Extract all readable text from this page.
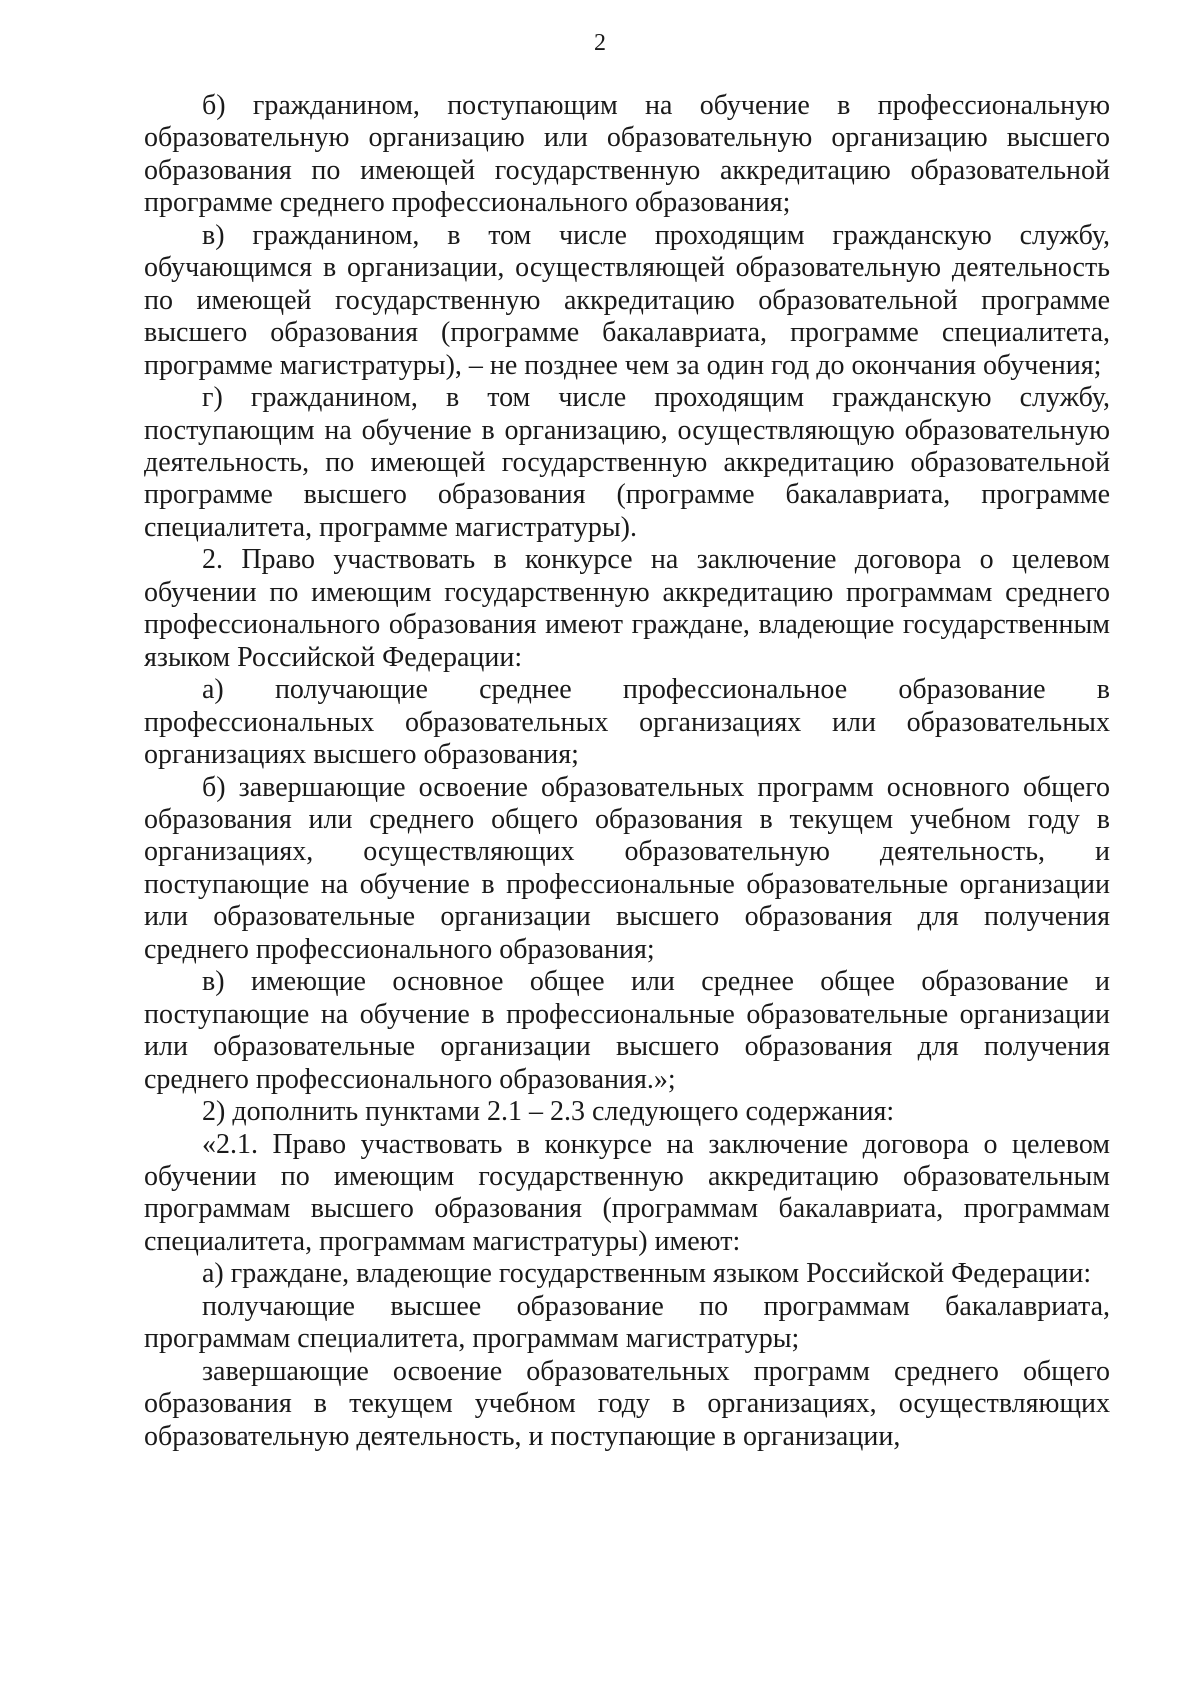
2

б) гражданином, поступающим на обучение в профессиональную образовательную организацию или образовательную организацию высшего образования по имеющей государственную аккредитацию образовательной программе среднего профессионального образования;

в) гражданином, в том числе проходящим гражданскую службу, обучающимся в организации, осуществляющей образовательную деятельность по имеющей государственную аккредитацию образовательной программе высшего образования (программе бакалавриата, программе специалитета, программе магистратуры), – не позднее чем за один год до окончания обучения;

г) гражданином, в том числе проходящим гражданскую службу, поступающим на обучение в организацию, осуществляющую образовательную деятельность, по имеющей государственную аккредитацию образовательной программе высшего образования (программе бакалавриата, программе специалитета, программе магистратуры).

2. Право участвовать в конкурсе на заключение договора о целевом обучении по имеющим государственную аккредитацию программам среднего профессионального образования имеют граждане, владеющие государственным языком Российской Федерации:

а) получающие среднее профессиональное образование в профессиональных образовательных организациях или образовательных организациях высшего образования;

б) завершающие освоение образовательных программ основного общего образования или среднего общего образования в текущем учебном году в организациях, осуществляющих образовательную деятельность, и поступающие на обучение в профессиональные образовательные организации или образовательные организации высшего образования для получения среднего профессионального образования;

в) имеющие основное общее или среднее общее образование и поступающие на обучение в профессиональные образовательные организации или образовательные организации высшего образования для получения среднего профессионального образования.»;

2) дополнить пунктами 2.1 – 2.3 следующего содержания:

«2.1. Право участвовать в конкурсе на заключение договора о целевом обучении по имеющим государственную аккредитацию образовательным программам высшего образования (программам бакалавриата, программам специалитета, программам магистратуры) имеют:

а) граждане, владеющие государственным языком Российской Федерации:

получающие высшее образование по программам бакалавриата, программам специалитета, программам магистратуры;

завершающие освоение образовательных программ среднего общего образования в текущем учебном году в организациях, осуществляющих образовательную деятельность, и поступающие в организации,
